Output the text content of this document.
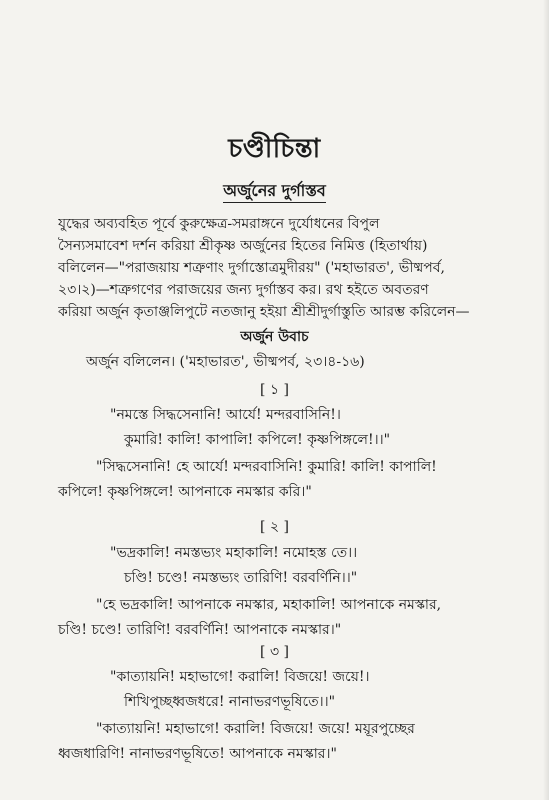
চণ্ডীচিন্তা
অর্জুনের দুর্গাস্তব
যুদ্ধের অব্যবহিত পূর্বে কুরুক্ষেত্র-সমরাঙ্গনে দুর্যোধনের বিপুল
সৈন্যসমাবেশ দর্শন করিয়া শ্রীকৃষ্ণ অর্জুনের হিতের নিমিত্ত (হিতার্থায়)
বলিলেন—"পরাজয়ায় শত্রুণাং দুর্গাস্তোত্রমুদীরয়" ('মহাভারত', ভীষ্মপর্ব,
২৩।২)—শত্রুগণের পরাজয়ের জন্য দুর্গাস্তব কর। রথ হইতে অবতরণ
করিয়া অর্জুন কৃতাঞ্জলিপুটে নতজানু হইয়া শ্রীশ্রীদুর্গাস্তুতি আরম্ভ করিলেন—
অর্জুন উবাচ
অর্জুন বলিলেন। ('মহাভারত', ভীষ্মপর্ব, ২৩।৪-১৬)
[ ১ ]
"নমস্তে সিদ্ধসেনানি! আর্যে! মন্দরবাসিনি!।
কুমারি! কালি! কাপালি! কপিলে! কৃষ্ণপিঙ্গলে!।।"
"সিদ্ধসেনানি! হে আর্যে! মন্দরবাসিনি! কুমারি! কালি! কাপালি!
কপিলে! কৃষ্ণপিঙ্গলে! আপনাকে নমস্কার করি।"
[ ২ ]
"ভদ্রকালি! নমস্তভ্যং মহাকালি! নমোহস্ত তে।।
চণ্ডি! চণ্ডে! নমস্তভ্যং তারিণি! বরবর্ণিনি।।"
"হে ভদ্রকালি! আপনাকে নমস্কার, মহাকালি! আপনাকে নমস্কার,
চণ্ডি! চণ্ডে! তারিণি! বরবর্ণিনি! আপনাকে নমস্কার।"
[ ৩ ]
"কাত্যায়নি! মহাভাগে! করালি! বিজয়ে! জয়ে!।
শিখিপুচ্ছধ্বজধরে! নানাভরণভূষিতে।।"
"কাত্যায়নি! মহাভাগে! করালি! বিজয়ে! জয়ে! ময়ূরপুচ্ছের
ধ্বজধারিণি! নানাভরণভূষিতে! আপনাকে নমস্কার।"
